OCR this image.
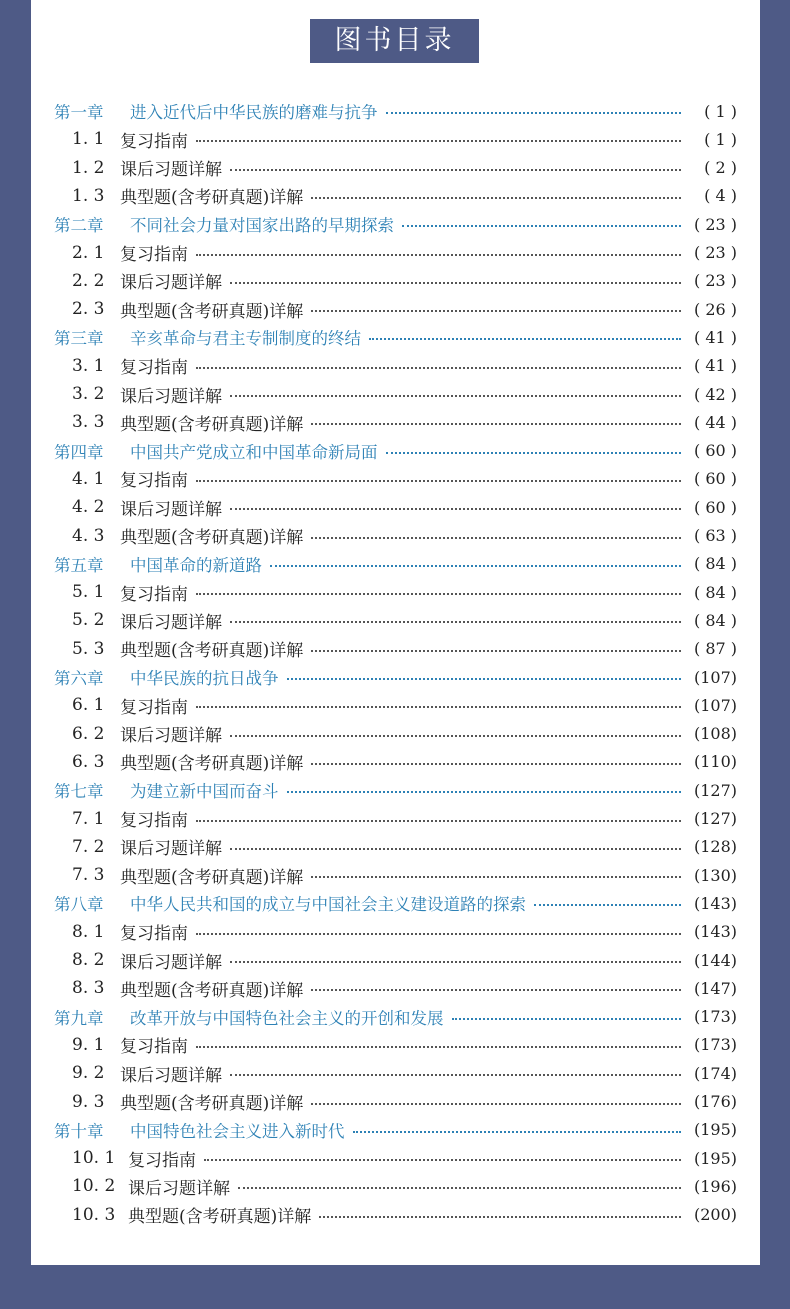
图书目录
第一章	进入近代后中华民族的磨难与抗争	( 1 )
1. 1 复习指南	( 1 )
1. 2 课后习题详解	( 2 )
1. 3 典型题(含考研真题)详解	( 4 )
第二章	不同社会力量对国家出路的早期探索	( 23 )
2. 1 复习指南	( 23 )
2. 2 课后习题详解	( 23 )
2. 3 典型题(含考研真题)详解	( 26 )
第三章	辛亥革命与君主专制制度的终结	( 41 )
3. 1 复习指南	( 41 )
3. 2 课后习题详解	( 42 )
3. 3 典型题(含考研真题)详解	( 44 )
第四章	中国共产党成立和中国革命新局面	( 60 )
4. 1 复习指南	( 60 )
4. 2 课后习题详解	( 60 )
4. 3 典型题(含考研真题)详解	( 63 )
第五章	中国革命的新道路	( 84 )
5. 1 复习指南	( 84 )
5. 2 课后习题详解	( 84 )
5. 3 典型题(含考研真题)详解	( 87 )
第六章	中华民族的抗日战争	(107)
6. 1 复习指南	(107)
6. 2 课后习题详解	(108)
6. 3 典型题(含考研真题)详解	(110)
第七章	为建立新中国而奋斗	(127)
7. 1 复习指南	(127)
7. 2 课后习题详解	(128)
7. 3 典型题(含考研真题)详解	(130)
第八章	中华人民共和国的成立与中国社会主义建设道路的探索	(143)
8. 1 复习指南	(143)
8. 2 课后习题详解	(144)
8. 3 典型题(含考研真题)详解	(147)
第九章	改革开放与中国特色社会主义的开创和发展	(173)
9. 1 复习指南	(173)
9. 2 课后习题详解	(174)
9. 3 典型题(含考研真题)详解	(176)
第十章	中国特色社会主义进入新时代	(195)
10. 1 复习指南	(195)
10. 2 课后习题详解	(196)
10. 3 典型题(含考研真题)详解	(200)
